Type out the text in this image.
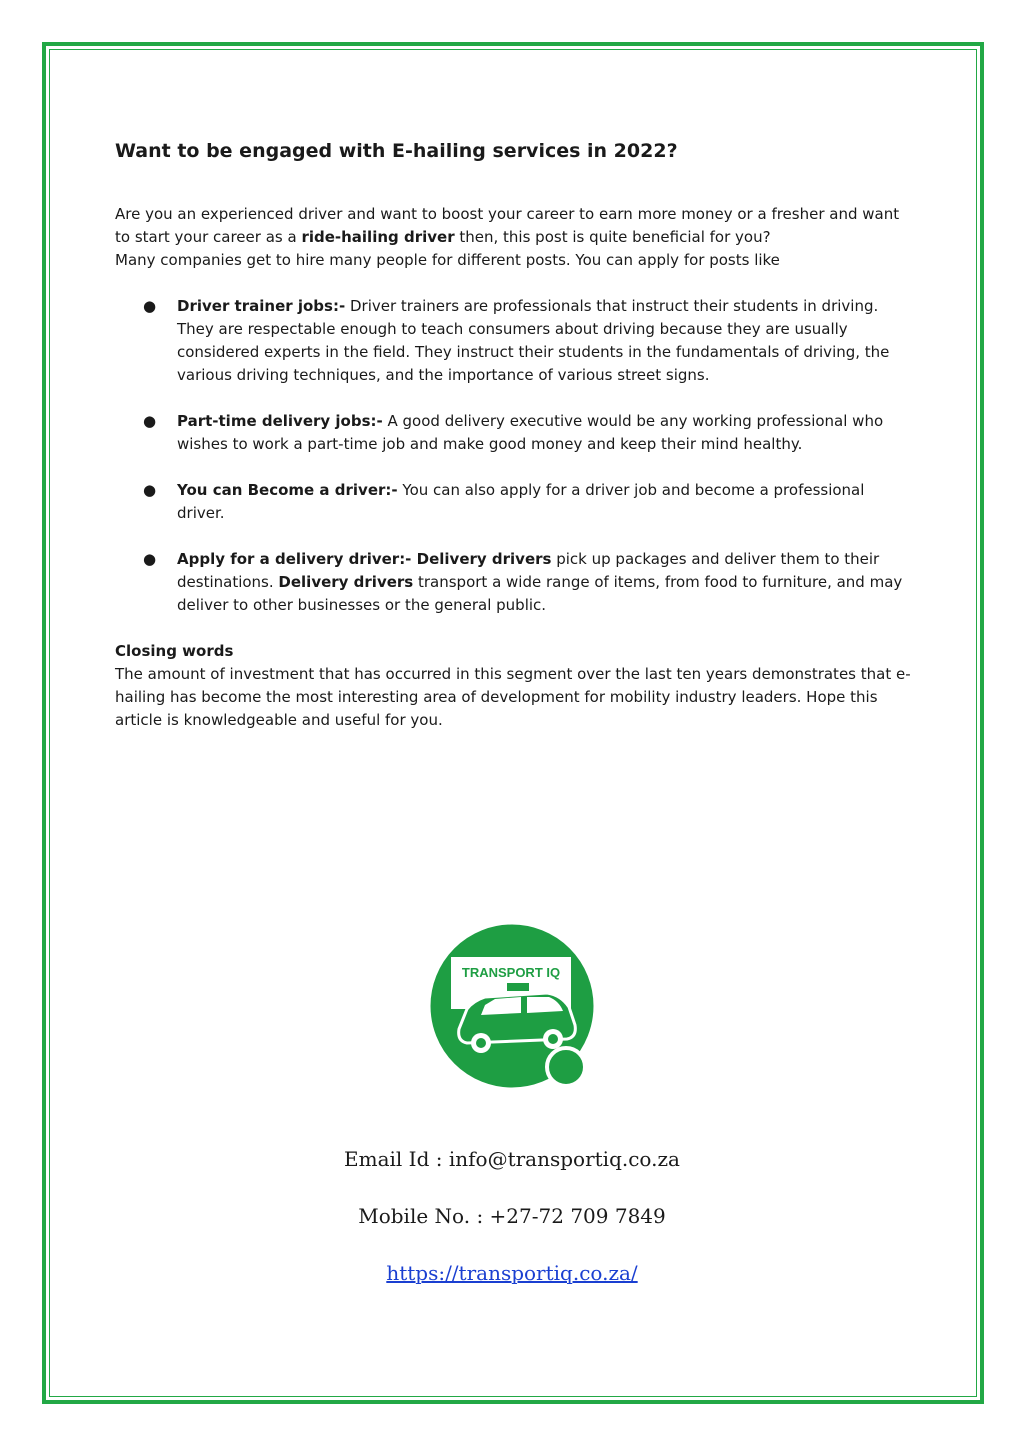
Want to be engaged with E-hailing services in 2022?

Are you an experienced driver and want to boost your career to earn more money or a fresher and want to start your career as a ride-hailing driver then, this post is quite beneficial for you?
Many companies get to hire many people for different posts. You can apply for posts like

● Driver trainer jobs:- Driver trainers are professionals that instruct their students in driving. They are respectable enough to teach consumers about driving because they are usually considered experts in the field. They instruct their students in the fundamentals of driving, the various driving techniques, and the importance of various street signs.
● Part-time delivery jobs:- A good delivery executive would be any working professional who wishes to work a part-time job and make good money and keep their mind healthy.
● You can Become a driver:- You can also apply for a driver job and become a professional driver.
● Apply for a delivery driver:- Delivery drivers pick up packages and deliver them to their destinations. Delivery drivers transport a wide range of items, from food to furniture, and may deliver to other businesses or the general public.

Closing words
The amount of investment that has occurred in this segment over the last ten years demonstrates that e-hailing has become the most interesting area of development for mobility industry leaders. Hope this article is knowledgeable and useful for you.

TRANSPORT IQ
Email Id : info@transportiq.co.za
Mobile No. : +27-72 709 7849
https://transportiq.co.za/
